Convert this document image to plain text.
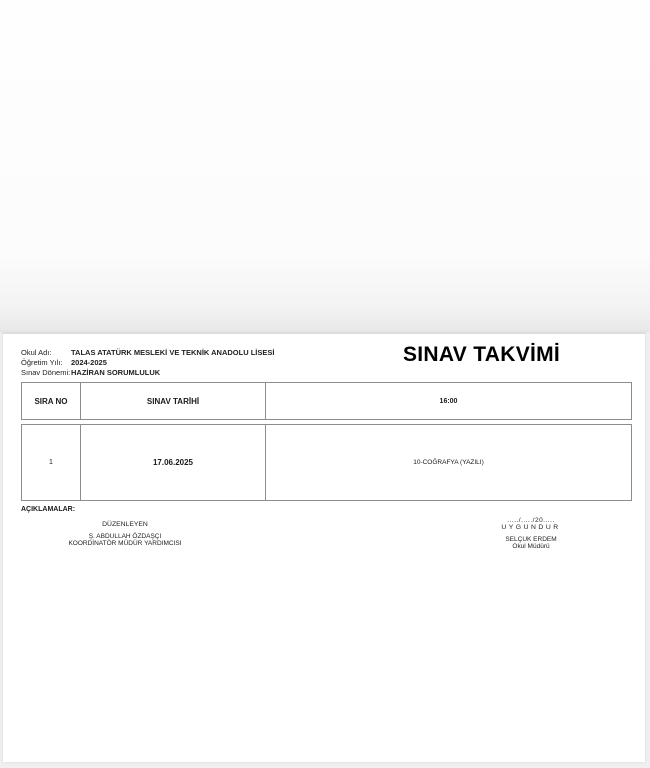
Okul Adı:	TALAS ATATÜRK MESLEKİ VE TEKNİK ANADOLU LİSESİ
Öğretim Yılı:	2024-2025
Sınav Dönemi: HAZİRAN SORUMLULUK
SINAV TAKVİMİ
SIRA NO	SINAV TARİHİ	16:00
1	17.06.2025	10-COĞRAFYA (YAZILI)
AÇIKLAMALAR:
DÜZENLEYEN
Ş. ABDULLAH ÖZDAŞÇI
KOORDİNATÖR MÜDÜR YARDIMCISI
...../...../20.....
UYGUNDUR
SELÇUK ERDEM
Okul Müdürü
